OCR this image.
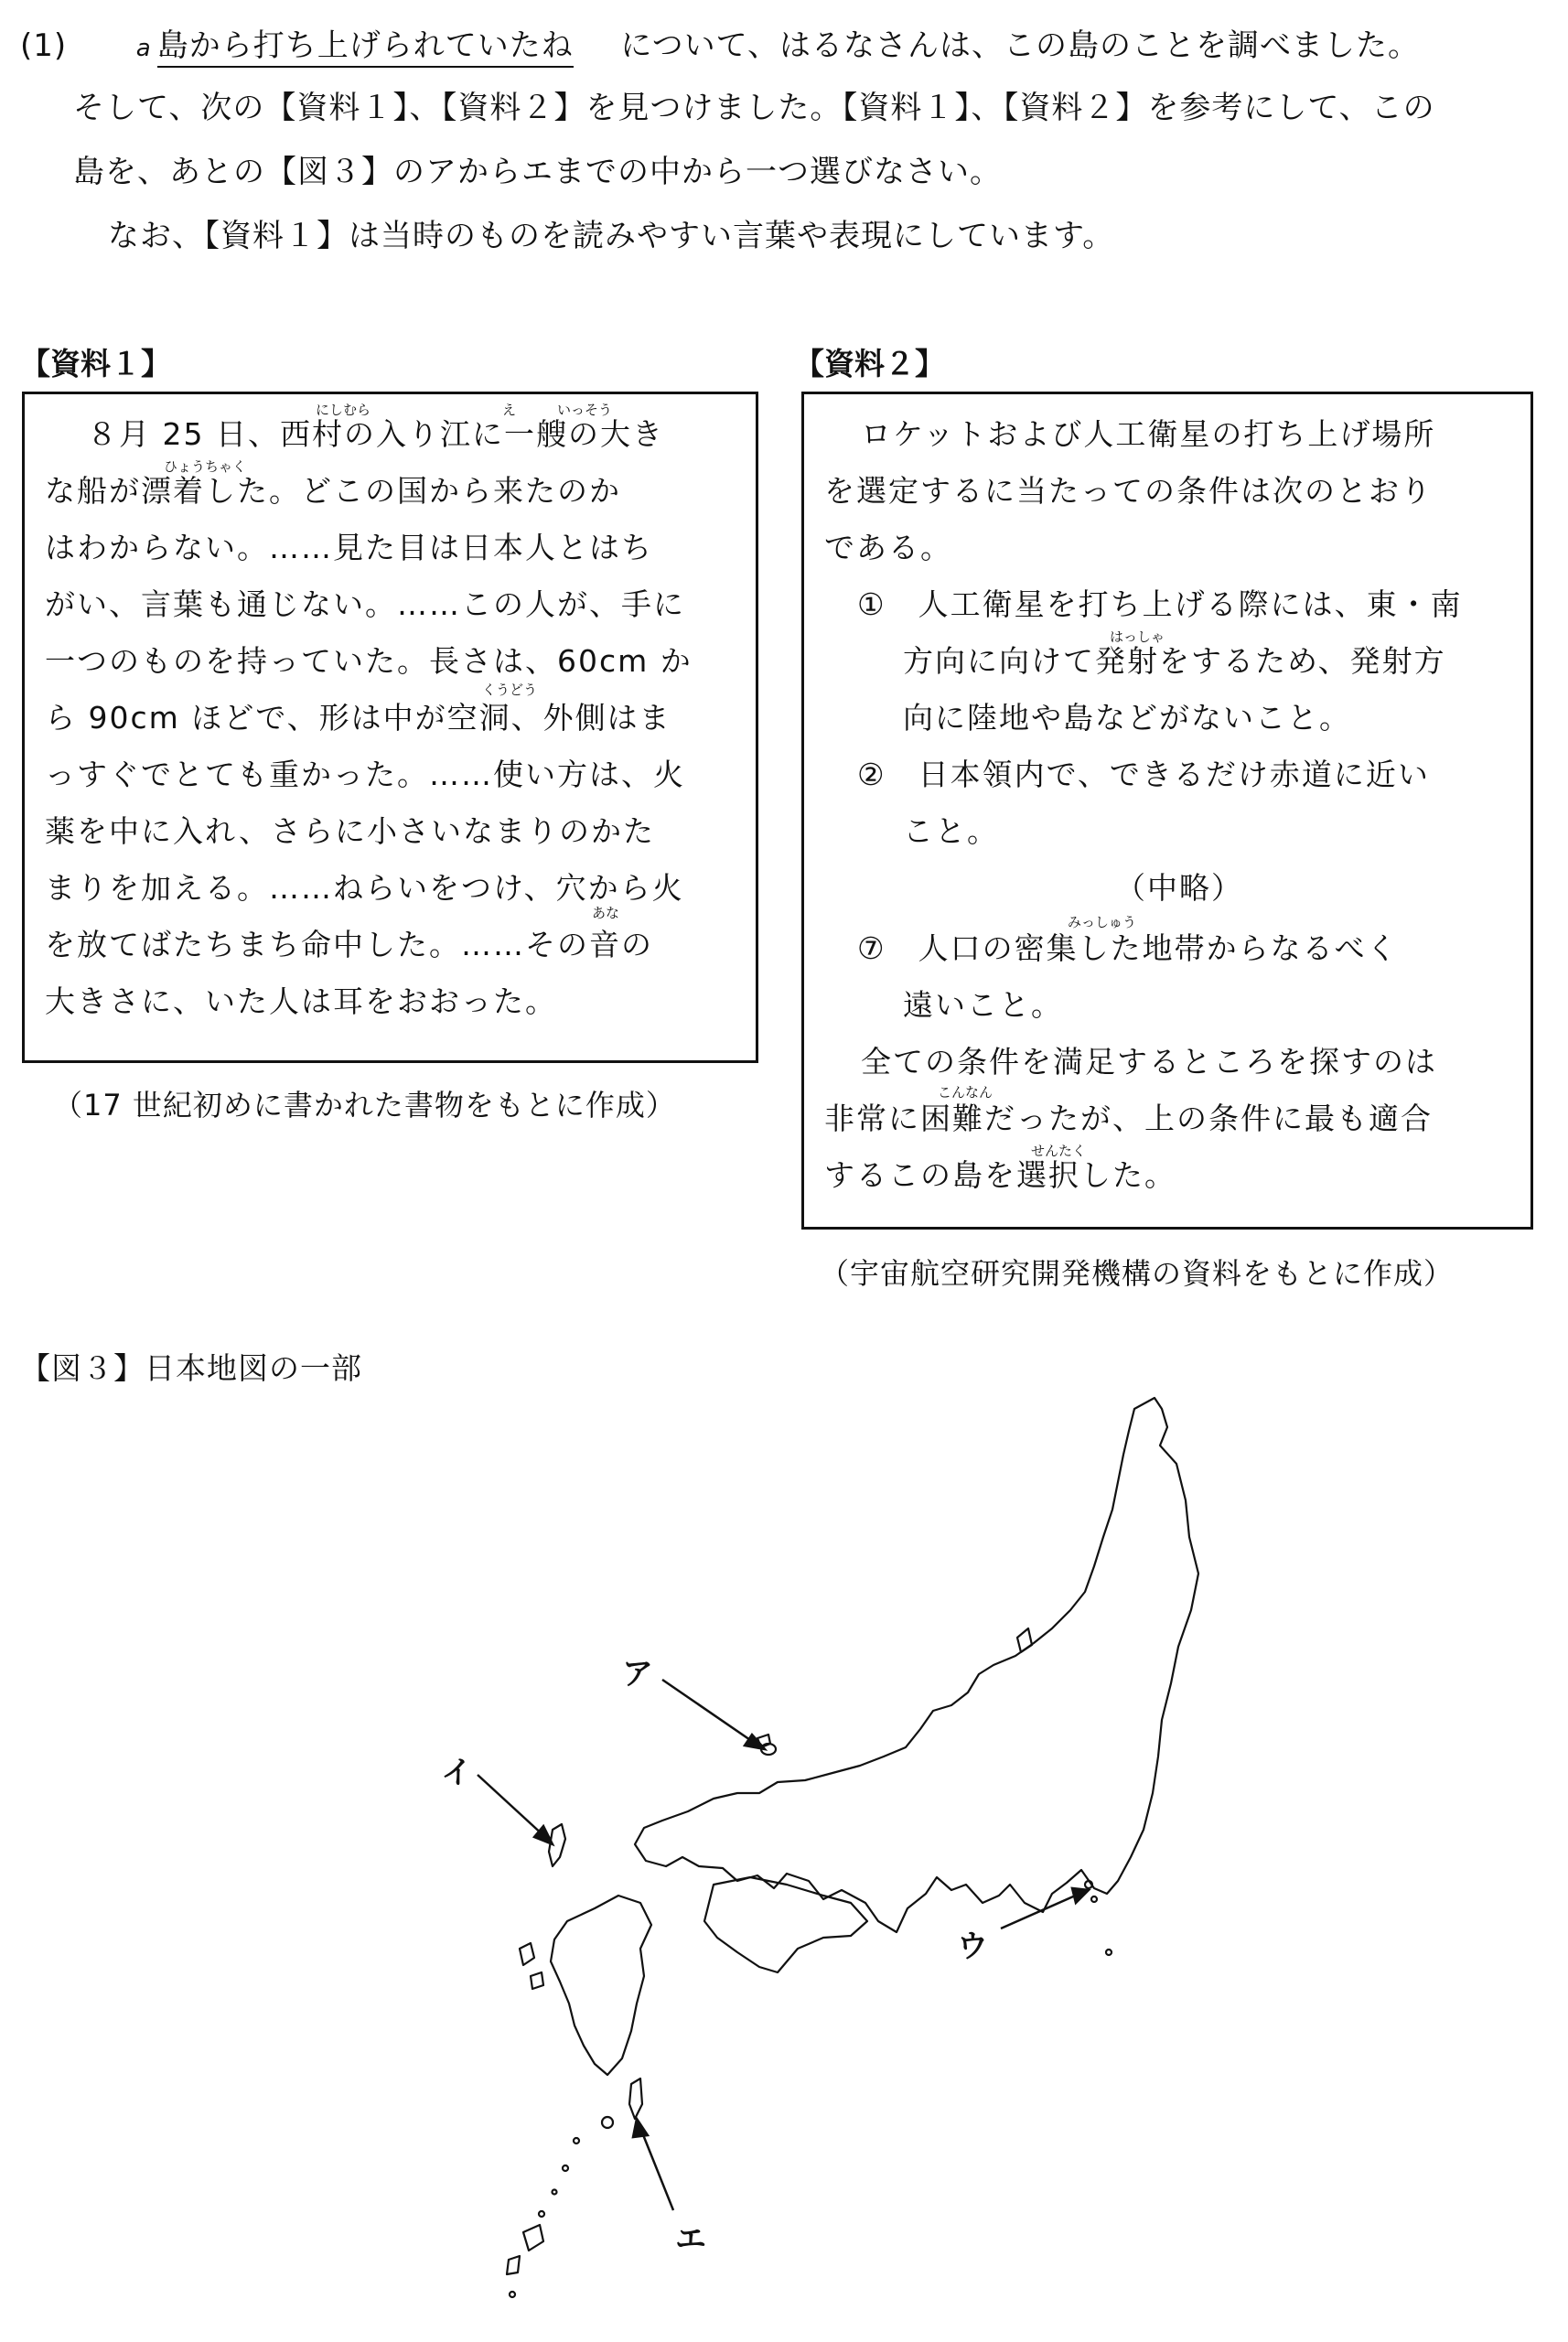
(1)	a 島から打ち上げられていたね について、はるなさんは、この島のことを調べました。
そして、次の【資料１】、【資料２】を見つけました。【資料１】、【資料２】を参考にして、この
島を、あとの【図３】のアからエまでの中から一つ選びなさい。
なお、【資料１】は当時のものを読みやすい言葉や表現にしています。
【資料１】
にしむら	え	いっそう
ひょうちゃく
くうどう
あな
８月 25 日、西村の入り江に一艘の大き
な船が漂着した。どこの国から来たのか
はわからない。……見た目は日本人とはち
がい、言葉も通じない。……この人が、手に
一つのものを持っていた。長さは、60cm か
ら 90cm ほどで、形は中が空洞、外側はま
っすぐでとても重かった。……使い方は、火
薬を中に入れ、さらに小さいなまりのかた
まりを加える。……ねらいをつけ、穴から火
を放てばたちまち命中した。……その音の
大きさに、いた人は耳をおおった。
（17 世紀初めに書かれた書物をもとに作成）
【資料２】
はっしゃ
みっしゅう
こんなん
せんたく
ロケットおよび人工衛星の打ち上げ場所
を選定するに当たっての条件は次のとおり
である。
①　人工衛星を打ち上げる際には、東・南
方向に向けて発射をするため、発射方
向に陸地や島などがないこと。
②　日本領内で、できるだけ赤道に近い
こと。
（中略）
⑦　人口の密集した地帯からなるべく
遠いこと。
全ての条件を満足するところを探すのは
非常に困難だったが、上の条件に最も適合
するこの島を選択した。
（宇宙航空研究開発機構の資料をもとに作成）
【図３】日本地図の一部
ア
イ
ウ
エ
